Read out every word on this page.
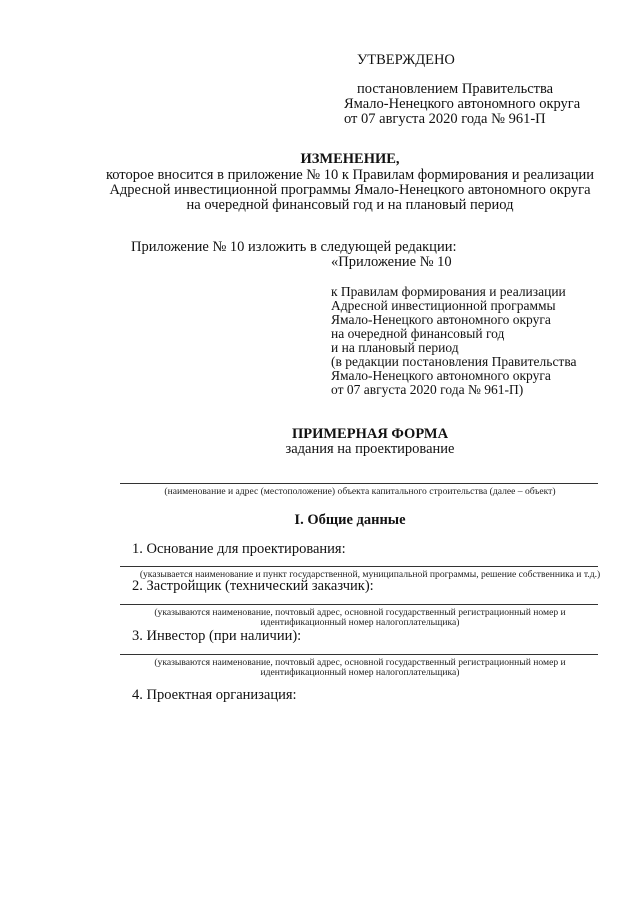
УТВЕРЖДЕНО
постановлением Правительства
Ямало-Ненецкого автономного округа
от 07 августа 2020 года № 961-П
ИЗМЕНЕНИЕ,
которое вносится в приложение № 10 к Правилам формирования и реализации
Адресной инвестиционной программы Ямало-Ненецкого автономного округа
на очередной финансовый год и на плановый период
Приложение № 10 изложить в следующей редакции:
«Приложение № 10
к Правилам формирования и реализации
Адресной инвестиционной программы
Ямало-Ненецкого автономного округа
на очередной финансовый год
и на плановый период
(в редакции постановления Правительства
Ямало-Ненецкого автономного округа
от 07 августа 2020 года № 961-П)
ПРИМЕРНАЯ ФОРМА
задания на проектирование
(наименование и адрес (местоположение) объекта капитального строительства (далее – объект)
I. Общие данные
1. Основание для проектирования:
(указывается наименование и пункт государственной, муниципальной программы, решение собственника и т.д.)
2. Застройщик (технический заказчик):
(указываются наименование, почтовый адрес, основной государственный регистрационный номер и
идентификационный номер налогоплательщика)
3. Инвестор (при наличии):
(указываются наименование, почтовый адрес, основной государственный регистрационный номер и
идентификационный номер налогоплательщика)
4. Проектная организация:
